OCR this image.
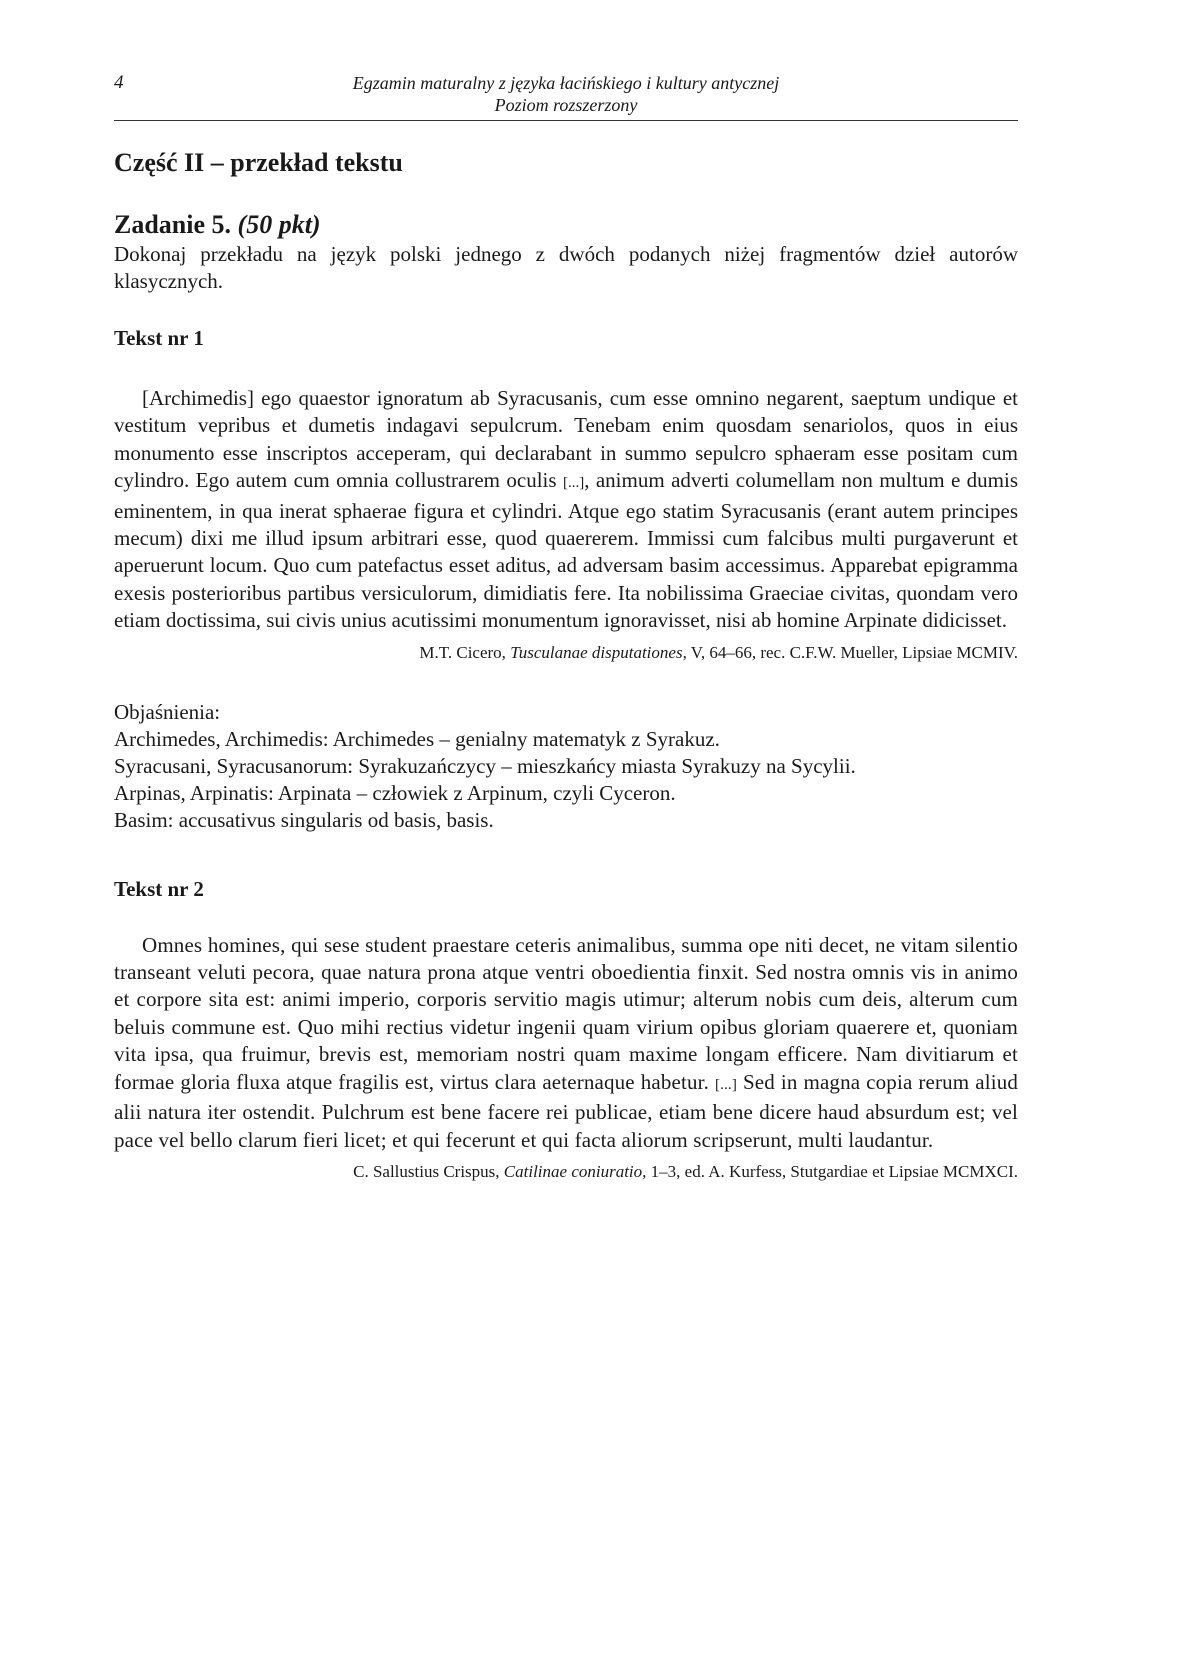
4	Egzamin maturalny z języka łacińskiego i kultury antycznej
Poziom rozszerzony
Część II – przekład tekstu
Zadanie 5. (50 pkt)

Dokonaj przekładu na język polski jednego z dwóch podanych niżej fragmentów dzieł autorów klasycznych.

Tekst nr 1

[Archimedis] ego quaestor ignoratum ab Syracusanis, cum esse omnino negarent, saeptum undique et vestitum vepribus et dumetis indagavi sepulcrum. Tenebam enim quosdam senariolos, quos in eius monumento esse inscriptos acceperam, qui declarabant in summo sepulcro sphaeram esse positam cum cylindro. Ego autem cum omnia collustrarem oculis [...], animum adverti columellam non multum e dumis eminentem, in qua inerat sphaerae figura et cylindri. Atque ego statim Syracusanis (erant autem principes mecum) dixi me illud ipsum arbitrari esse, quod quaererem. Immissi cum falcibus multi purgaverunt et aperuerunt locum. Quo cum patefactus esset aditus, ad adversam basim accessimus. Apparebat epigramma exesis posterioribus partibus versiculorum, dimidiatis fere. Ita nobilissima Graeciae civitas, quondam vero etiam doctissima, sui civis unius acutissimi monumentum ignoravisset, nisi ab homine Arpinate didicisset.

M.T. Cicero, Tusculanae disputationes, V, 64–66, rec. C.F.W. Mueller, Lipsiae MCMIV.

Objaśnienia:

Archimedes, Archimedis: Archimedes – genialny matematyk z Syrakuz.
Syracusani, Syracusanorum: Syrakuzańczycy – mieszkańcy miasta Syrakuzy na Sycylii.
Arpinas, Arpinatis: Arpinata – człowiek z Arpinum, czyli Cyceron.
Basim: accusativus singularis od basis, basis.
Tekst nr 2

Omnes homines, qui sese student praestare ceteris animalibus, summa ope niti decet, ne vitam silentio transeant veluti pecora, quae natura prona atque ventri oboedientia finxit. Sed nostra omnis vis in animo et corpore sita est: animi imperio, corporis servitio magis utimur; alterum nobis cum deis, alterum cum beluis commune est. Quo mihi rectius videtur ingenii quam virium opibus gloriam quaerere et, quoniam vita ipsa, qua fruimur, brevis est, memoriam nostri quam maxime longam efficere. Nam divitiarum et formae gloria fluxa atque fragilis est, virtus clara aeternaque habetur. [...] Sed in magna copia rerum aliud alii natura iter ostendit. Pulchrum est bene facere rei publicae, etiam bene dicere haud absurdum est; vel pace vel bello clarum fieri licet; et qui fecerunt et qui facta aliorum scripserunt, multi laudantur.

C. Sallustius Crispus, Catilinae coniuratio, 1–3, ed. A. Kurfess, Stutgardiae et Lipsiae MCMXCI.
